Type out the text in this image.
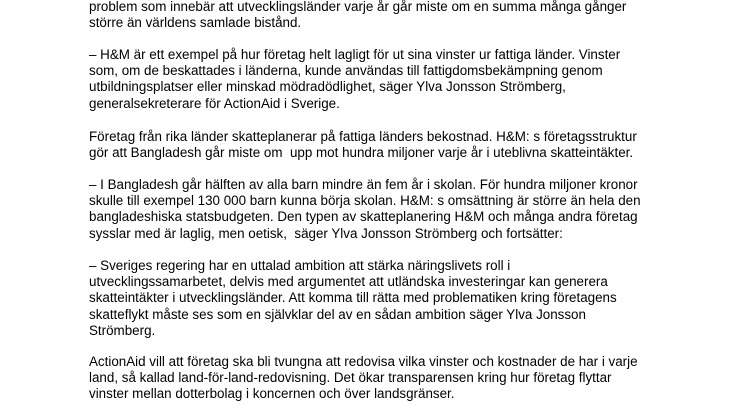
problem som innebär att utvecklingsländer varje år går miste om en summa många gånger
större än världens samlade bistånd.

– H&M är ett exempel på hur företag helt lagligt för ut sina vinster ur fattiga länder. Vinster
som, om de beskattades i länderna, kunde användas till fattigdomsbekämpning genom
utbildningsplatser eller minskad mödradödlighet, säger Ylva Jonsson Strömberg,
generalsekreterare för ActionAid i Sverige.

Företag från rika länder skatteplanerar på fattiga länders bekostnad. H&M: s företagsstruktur
gör att Bangladesh går miste om  upp mot hundra miljoner varje år i uteblivna skatteintäkter.

– I Bangladesh går hälften av alla barn mindre än fem år i skolan. För hundra miljoner kronor
skulle till exempel 130 000 barn kunna börja skolan. H&M: s omsättning är större än hela den
bangladeshiska statsbudgeten. Den typen av skatteplanering H&M och många andra företag
sysslar med är laglig, men oetisk,  säger Ylva Jonsson Strömberg och fortsätter:

– Sveriges regering har en uttalad ambition att stärka näringslivets roll i
utvecklingssamarbetet, delvis med argumentet att utländska investeringar kan generera
skatteintäkter i utvecklingsländer. Att komma till rätta med problematiken kring företagens
skatteflykt måste ses som en självklar del av en sådan ambition säger Ylva Jonsson
Strömberg.

ActionAid vill att företag ska bli tvungna att redovisa vilka vinster och kostnader de har i varje
land, så kallad land-för-land-redovisning. Det ökar transparensen kring hur företag flyttar
vinster mellan dotterbolag i koncernen och över landsgränser.
